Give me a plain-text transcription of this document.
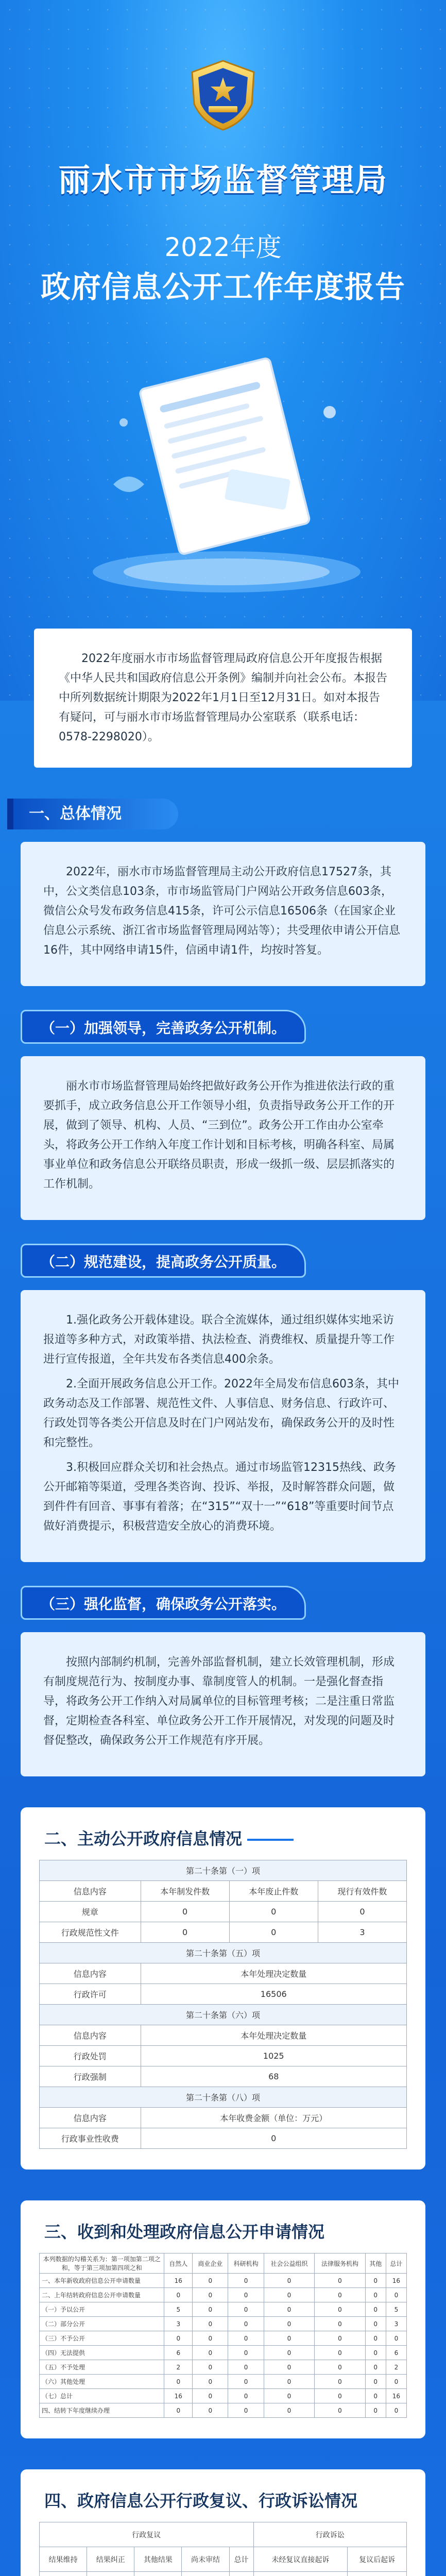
丽水市市场监督管理局
2022年度
政府信息公开工作年度报告
2022年度丽水市市场监督管理局政府信息公开年度报告根据《中华人民共和国政府信息公开条例》编制并向社会公布。本报告中所列数据统计期限为2022年1月1日至12月31日。如对本报告有疑问，可与丽水市市场监督管理局办公室联系（联系电话：0578-2298020）。
一、总体情况

2022年，丽水市市场监督管理局主动公开政府信息17527条，其中，公文类信息103条，市市场监管局门户网站公开政务信息603条，微信公众号发布政务信息415条，许可公示信息16506条（在国家企业信息公示系统、浙江省市场监督管理局网站等）；共受理依申请公开信息16件，其中网络申请15件，信函申请1件，均按时答复。

（一）加强领导，完善政务公开机制。

丽水市市场监督管理局始终把做好政务公开作为推进依法行政的重要抓手，成立政务信息公开工作领导小组，负责指导政务公开工作的开展，做到了领导、机构、人员、“三到位”。政务公开工作由办公室牵头，将政务公开工作纳入年度工作计划和目标考核，明确各科室、局属事业单位和政务信息公开联络员职责，形成一级抓一级、层层抓落实的工作机制。

（二）规范建设，提高政务公开质量。

1.强化政务公开载体建设。联合全流媒体，通过组织媒体实地采访报道等多种方式，对政策举措、执法检查、消费维权、质量提升等工作进行宣传报道，全年共发布各类信息400余条。

2.全面开展政务信息公开工作。2022年全局发布信息603条，其中政务动态及工作部署、规范性文件、人事信息、财务信息、行政许可、行政处罚等各类公开信息及时在门户网站发布，确保政务公开的及时性和完整性。

3.积极回应群众关切和社会热点。通过市场监管12315热线、政务公开邮箱等渠道，受理各类咨询、投诉、举报，及时解答群众问题，做到件件有回音、事事有着落；在“315”“双十一”“618”等重要时间节点做好消费提示，积极营造安全放心的消费环境。

（三）强化监督，确保政务公开落实。

按照内部制约机制，完善外部监督机制，建立长效管理机制，形成有制度规范行为、按制度办事、靠制度管人的机制。一是强化督查指导，将政务公开工作纳入对局属单位的目标管理考核；二是注重日常监督，定期检查各科室、单位政务公开工作开展情况，对发现的问题及时督促整改，确保政务公开工作规范有序开展。

二、主动公开政府信息情况
第二十条第（一）项			
信息内容	本年制发件数	本年废止件数	现行有效件数
规章	0	0	0
行政规范性文件	0	0	3
第二十条第（五）项			
信息内容	本年处理决定数量		
行政许可	16506		
第二十条第（六）项			
信息内容	本年处理决定数量		
行政处罚	1025		
行政强制	68		
第二十条第（八）项			
信息内容	本年收费金额（单位：万元）		
行政事业性收费	0		
三、收到和处理政府信息公开申请情况
本列数据的勾稽关系为：第一项加第二项之和，等于第三项加第四项之和	自然人	商业企业	科研机构	社会公益组织	法律服务机构	其他	总计
一、本年新收政府信息公开申请数量	16	0	0	0	0	0	16
二、上年结转政府信息公开申请数量	0	0	0	0	0	0	0
（一）予以公开	5	0	0	0	0	0	5
（二）部分公开	3	0	0	0	0	0	3
（三）不予公开	0	0	0	0	0	0	0
（四）无法提供	6	0	0	0	0	0	6
（五）不予处理	2	0	0	0	0	0	2
（六）其他处理	0	0	0	0	0	0	0
（七）总计	16	0	0	0	0	0	16
四、结转下年度继续办理	0	0	0	0	0	0	0
四、政府信息公开行政复议、行政诉讼情况
行政复议					行政诉讼	
结果维持	结果纠正	其他结果	尚未审结	总计	未经复议直接起诉	复议后起诉
